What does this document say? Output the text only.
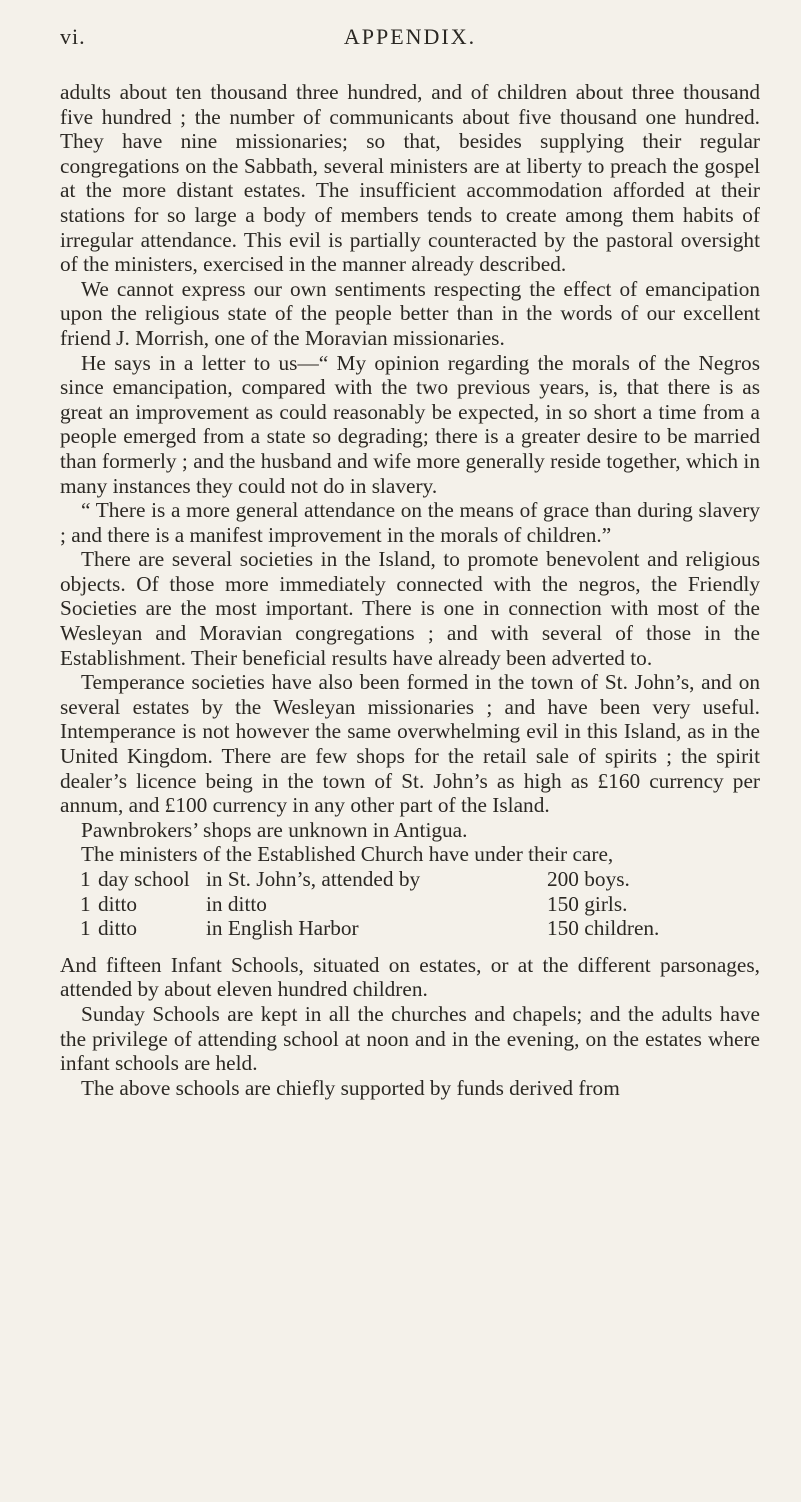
vi.	APPENDIX.

adults about ten thousand three hundred, and of children about three thousand five hundred ; the number of communicants about five thousand one hundred. They have nine missionaries; so that, besides supplying their regular congregations on the Sabbath, several ministers are at liberty to preach the gospel at the more distant estates. The insufficient accommodation afforded at their stations for so large a body of members tends to create among them habits of irregular attendance. This evil is partially counteracted by the pastoral oversight of the ministers, exercised in the manner already described.

We cannot express our own sentiments respecting the effect of emancipation upon the religious state of the people better than in the words of our excellent friend J. Morrish, one of the Moravian missionaries.

He says in a letter to us—“ My opinion regarding the morals of the Negros since emancipation, compared with the two previous years, is, that there is as great an improvement as could reasonably be expected, in so short a time from a people emerged from a state so degrading; there is a greater desire to be married than formerly ; and the husband and wife more generally reside together, which in many instances they could not do in slavery.

“ There is a more general attendance on the means of grace than during slavery ; and there is a manifest improvement in the morals of children.”

There are several societies in the Island, to promote benevolent and religious objects. Of those more immediately connected with the negros, the Friendly Societies are the most important. There is one in connection with most of the Wesleyan and Moravian congregations ; and with several of those in the Establishment. Their beneficial results have already been adverted to.

Temperance societies have also been formed in the town of St. John’s, and on several estates by the Wesleyan missionaries ; and have been very useful. Intemperance is not however the same overwhelming evil in this Island, as in the United Kingdom. There are few shops for the retail sale of spirits ; the spirit dealer’s licence being in the town of St. John’s as high as £160 currency per annum, and £100 currency in any other part of the Island.

Pawnbrokers’ shops are unknown in Antigua.

The ministers of the Established Church have under their care,

1 day school in St. John’s, attended by	200 boys.
1 ditto	in ditto	150 girls.
1 ditto	in English Harbor	150 children.

And fifteen Infant Schools, situated on estates, or at the different parsonages, attended by about eleven hundred children.

Sunday Schools are kept in all the churches and chapels; and the adults have the privilege of attending school at noon and in the evening, on the estates where infant schools are held.

The above schools are chiefly supported by funds derived from
